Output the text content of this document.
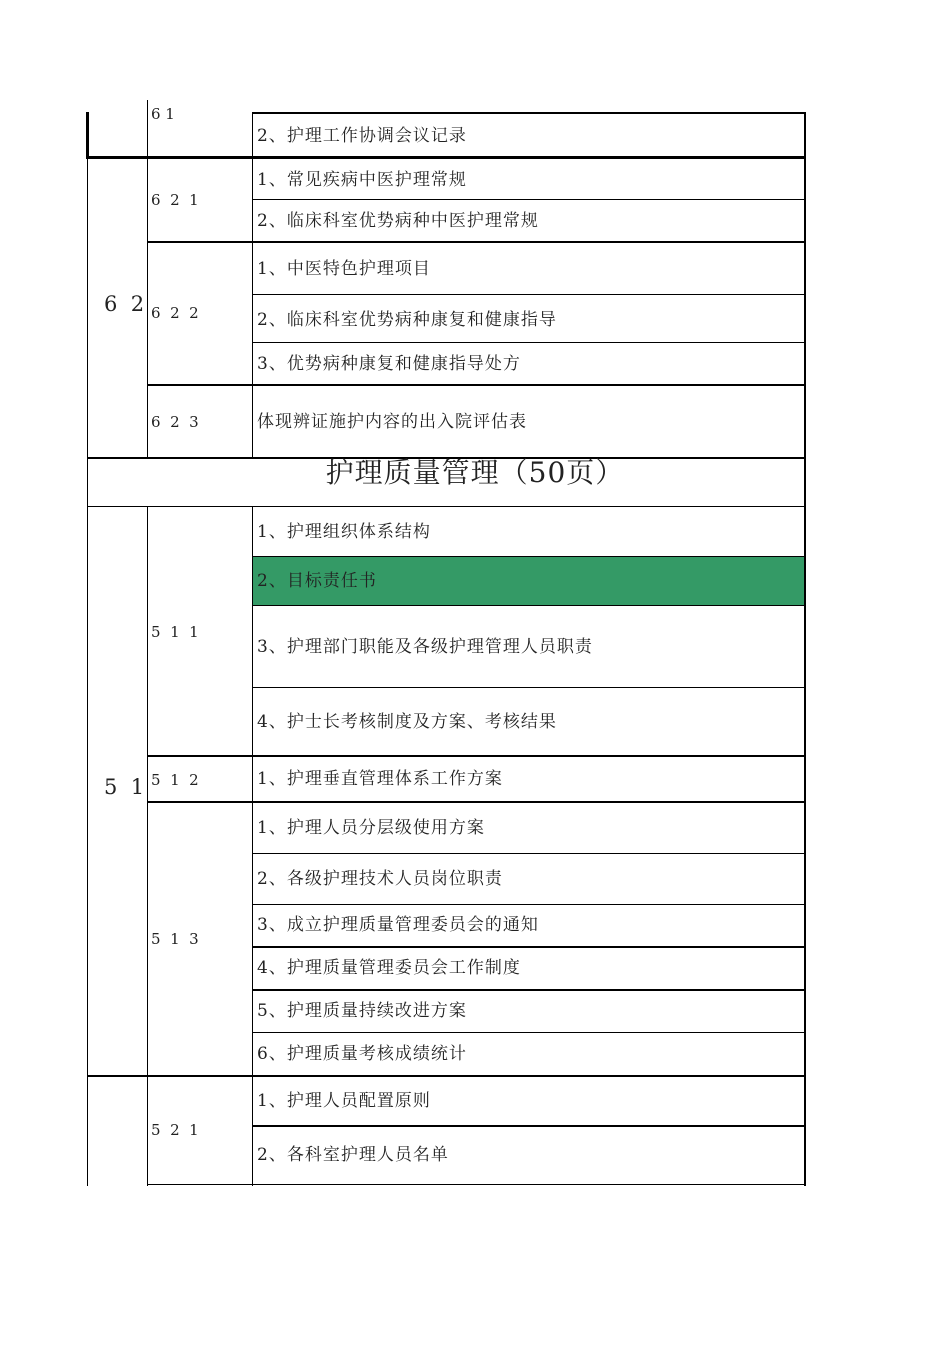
6 1
2、护理工作协调会议记录
6  2
6  2  1
1、常见疾病中医护理常规
2、临床科室优势病种中医护理常规
6  2  2
1、中医特色护理项目
2、临床科室优势病种康复和健康指导
3、优势病种康复和健康指导处方
6  2  3	体现辨证施护内容的出入院评估表
护理质量管理（50页）
5  1
5  1  1
1、护理组织体系结构
2、目标责任书
3、护理部门职能及各级护理管理人员职责
4、护士长考核制度及方案、考核结果
5  1  2	1、护理垂直管理体系工作方案
5  1  3
1、护理人员分层级使用方案
2、各级护理技术人员岗位职责
3、成立护理质量管理委员会的通知
4、护理质量管理委员会工作制度
5、护理质量持续改进方案
6、护理质量考核成绩统计
5  2  1
1、护理人员配置原则
2、各科室护理人员名单
